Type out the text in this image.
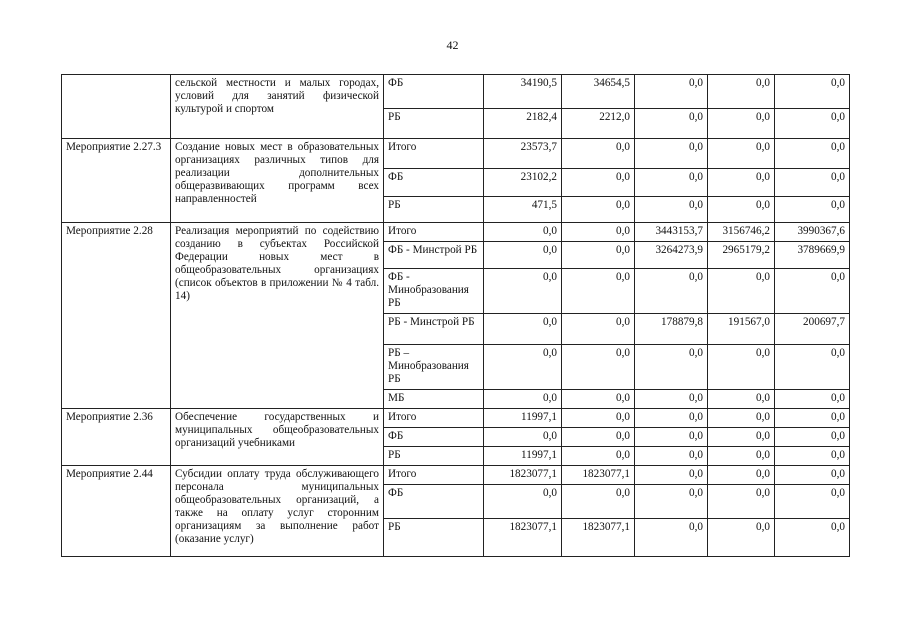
42
	сельской местности и малых городах, условий для занятий физической культурой и спортом	ФБ	34190,5	34654,5	0,0	0,0	0,0
		РБ	2182,4	2212,0	0,0	0,0	0,0
Мероприятие 2.27.3	Создание новых мест в образовательных организациях различных типов для реализации дополнительных общеразвивающих программ всех направленностей	Итого	23573,7	0,0	0,0	0,0	0,0
		ФБ	23102,2	0,0	0,0	0,0	0,0
		РБ	471,5	0,0	0,0	0,0	0,0
Мероприятие 2.28	Реализация мероприятий по содействию созданию в субъектах Российской Федерации новых мест в общеобразовательных организациях (список объектов в приложении № 4 табл. 14)	Итого	0,0	0,0	3443153,7	3156746,2	3990367,6
		ФБ - Минстрой РБ	0,0	0,0	3264273,9	2965179,2	3789669,9
		ФБ - Минобразования РБ	0,0	0,0	0,0	0,0	0,0
		РБ - Минстрой РБ	0,0	0,0	178879,8	191567,0	200697,7
		РБ – Минобразования РБ	0,0	0,0	0,0	0,0	0,0
		МБ	0,0	0,0	0,0	0,0	0,0
Мероприятие 2.36	Обеспечение государственных и муниципальных общеобразовательных организаций учебниками	Итого	11997,1	0,0	0,0	0,0	0,0
		ФБ	0,0	0,0	0,0	0,0	0,0
		РБ	11997,1	0,0	0,0	0,0	0,0
Мероприятие 2.44	Субсидии оплату труда обслуживающего персонала муниципальных общеобразовательных организаций, а также на оплату услуг сторонним организациям за выполнение работ (оказание услуг)	Итого	1823077,1	1823077,1	0,0	0,0	0,0
		ФБ	0,0	0,0	0,0	0,0	0,0
		РБ	1823077,1	1823077,1	0,0	0,0	0,0
